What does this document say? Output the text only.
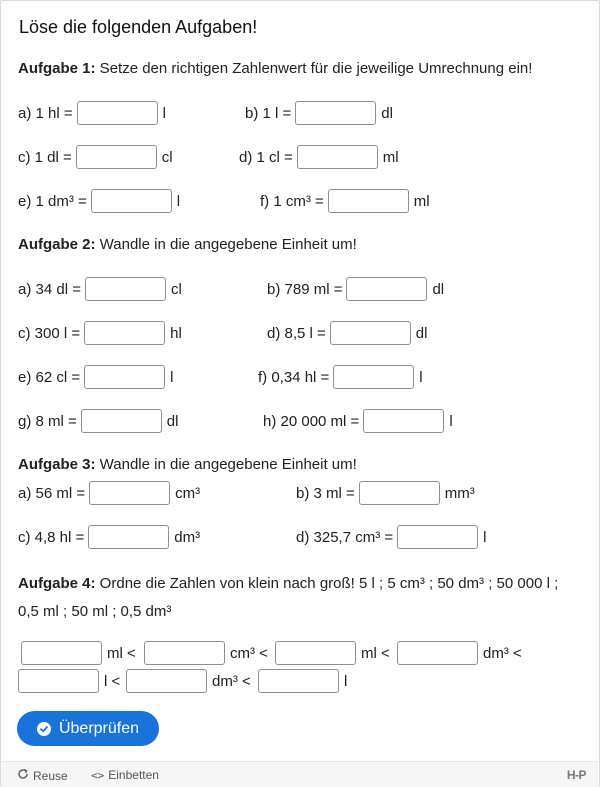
Löse die folgenden Aufgaben!
Aufgabe 1: Setze den richtigen Zahlenwert für die jeweilige Umrechnung ein!
a) 1 hl =	l	b) 1 l =	dl
c) 1 dl =	cl	d) 1 cl =	ml
e) 1 dm³ =	l	f) 1 cm³ =	ml
Aufgabe 2: Wandle in die angegebene Einheit um!
a) 34 dl =	cl	b) 789 ml =	dl
c) 300 l =	hl	d) 8,5 l =	dl
e) 62 cl =	l	f) 0,34 hl =	l
g) 8 ml =	dl	h) 20 000 ml =	l
Aufgabe 3: Wandle in die angegebene Einheit um!
a) 56 ml =	cm³	b) 3 ml =	mm³
c) 4,8 hl =	dm³	d) 325,7 cm³ =	l
Aufgabe 4: Ordne die Zahlen von klein nach groß! 5 l ; 5 cm³ ; 50 dm³ ; 50 000 l ; 0,5 ml ; 50 ml ; 0,5 dm³
ml <	cm³ <	ml <	dm³ <
l <	dm³ <	l
Überprüfen
Reuse <> Einbetten	H-P
